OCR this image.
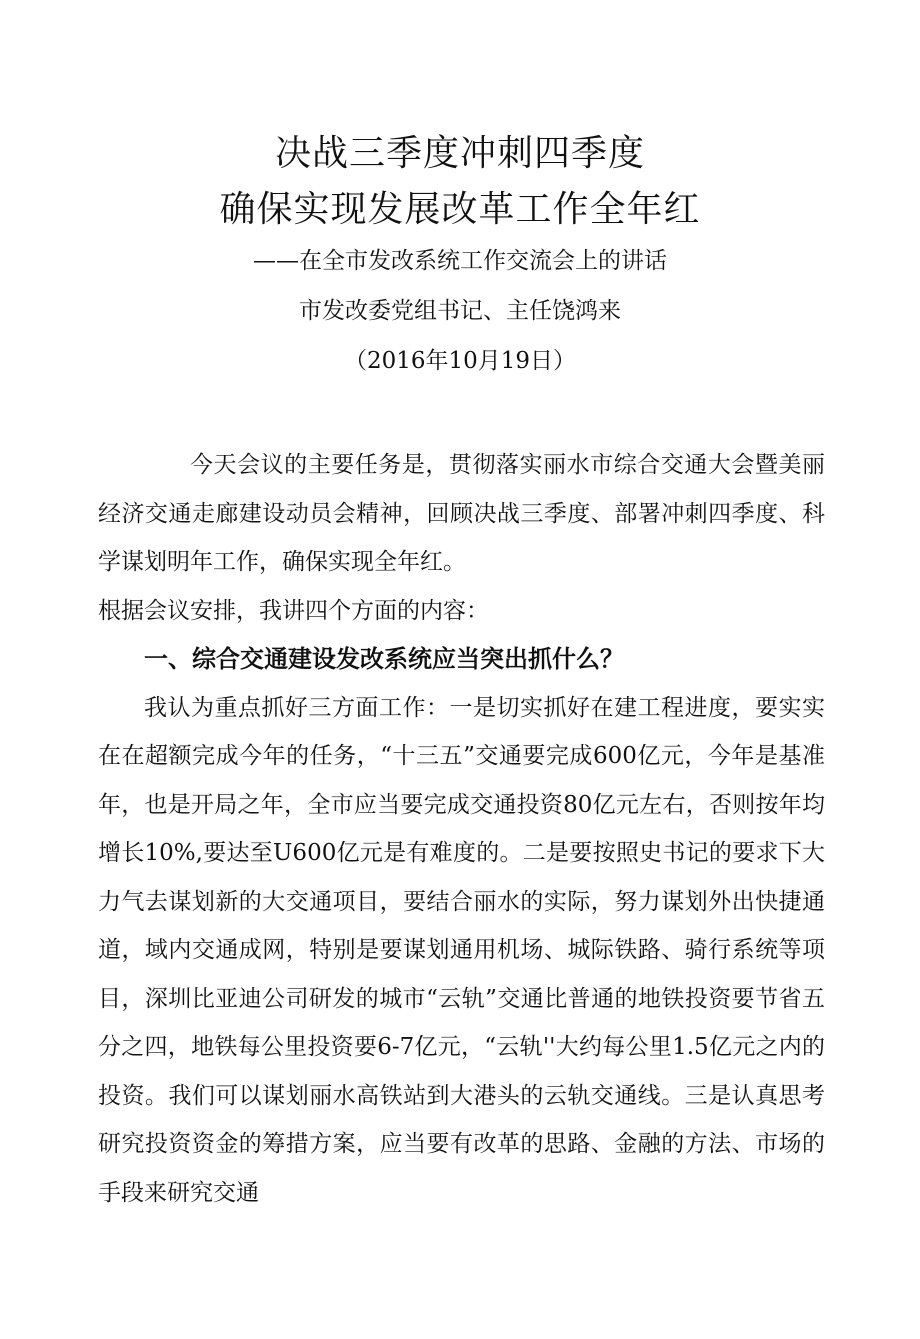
决战三季度冲刺四季度
确保实现发展改革工作全年红

——在全市发改系统工作交流会上的讲话

市发改委党组书记、主任饶鸿来

（2016年10月19日）

今天会议的主要任务是，贯彻落实丽水市综合交通大会暨美丽经济交通走廊建设动员会精神，回顾决战三季度、部署冲刺四季度、科学谋划明年工作，确保实现全年红。

根据会议安排，我讲四个方面的内容：

一、综合交通建设发改系统应当突出抓什么？

我认为重点抓好三方面工作：一是切实抓好在建工程进度，要实实在在超额完成今年的任务，“十三五”交通要完成600亿元，今年是基准年，也是开局之年，全市应当要完成交通投资80亿元左右，否则按年均增长10%,要达至U600亿元是有难度的。二是要按照史书记的要求下大力气去谋划新的大交通项目，要结合丽水的实际，努力谋划外出快捷通道，域内交通成网，特别是要谋划通用机场、城际铁路、骑行系统等项目，深圳比亚迪公司研发的城市“云轨”交通比普通的地铁投资要节省五分之四，地铁每公里投资要6-7亿元，“云轨''大约每公里1.5亿元之内的投资。我们可以谋划丽水高铁站到大港头的云轨交通线。三是认真思考研究投资资金的筹措方案，应当要有改革的思路、金融的方法、市场的手段来研究交通
